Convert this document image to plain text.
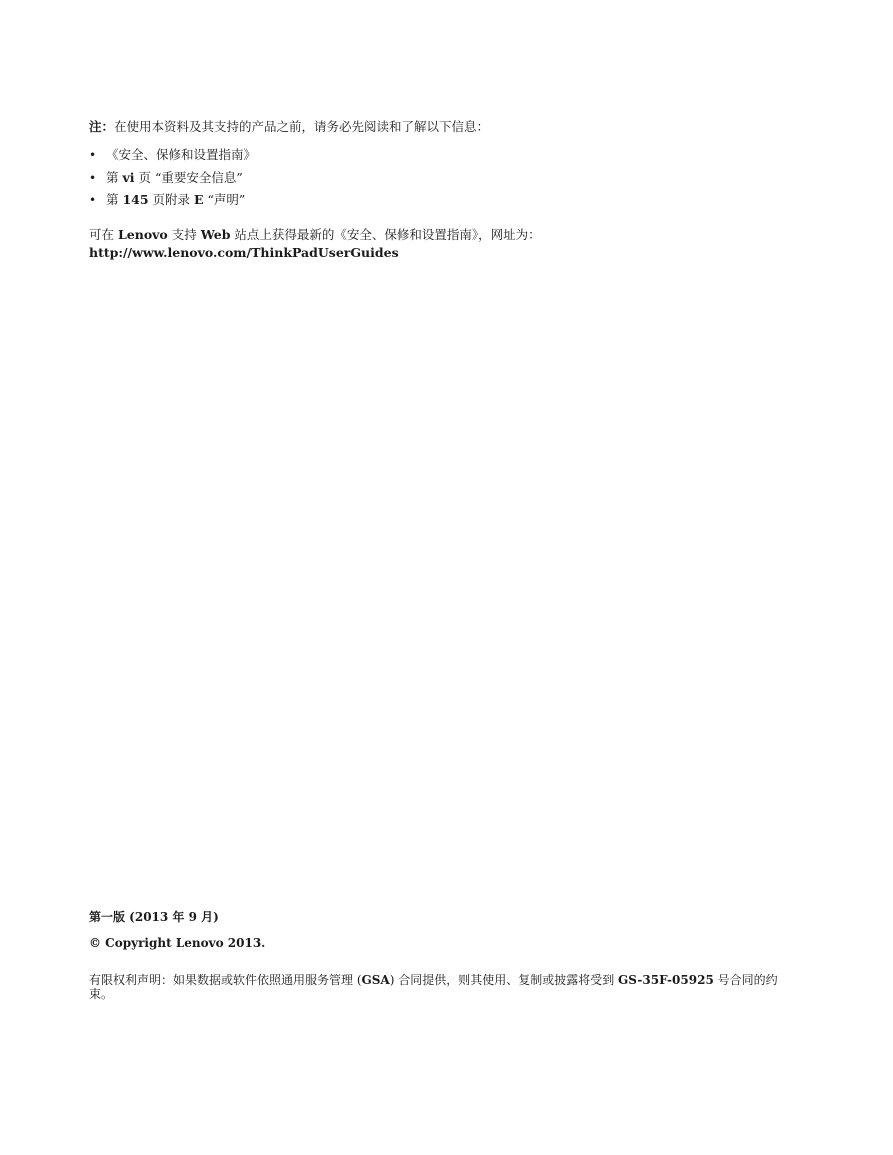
注：在使用本资料及其支持的产品之前，请务必先阅读和了解以下信息：
• 《安全、保修和设置指南》
• 第 vi 页 “重要安全信息”
• 第 145 页附录 E “声明”
可在 Lenovo 支持 Web 站点上获得最新的《安全、保修和设置指南》，网址为：
http://www.lenovo.com/ThinkPadUserGuides
第一版 (2013 年 9 月)
© Copyright Lenovo 2013.
有限权利声明：如果数据或软件依照通用服务管理 (GSA) 合同提供，则其使用、复制或披露将受到 GS-35F-05925 号合同的约束。
